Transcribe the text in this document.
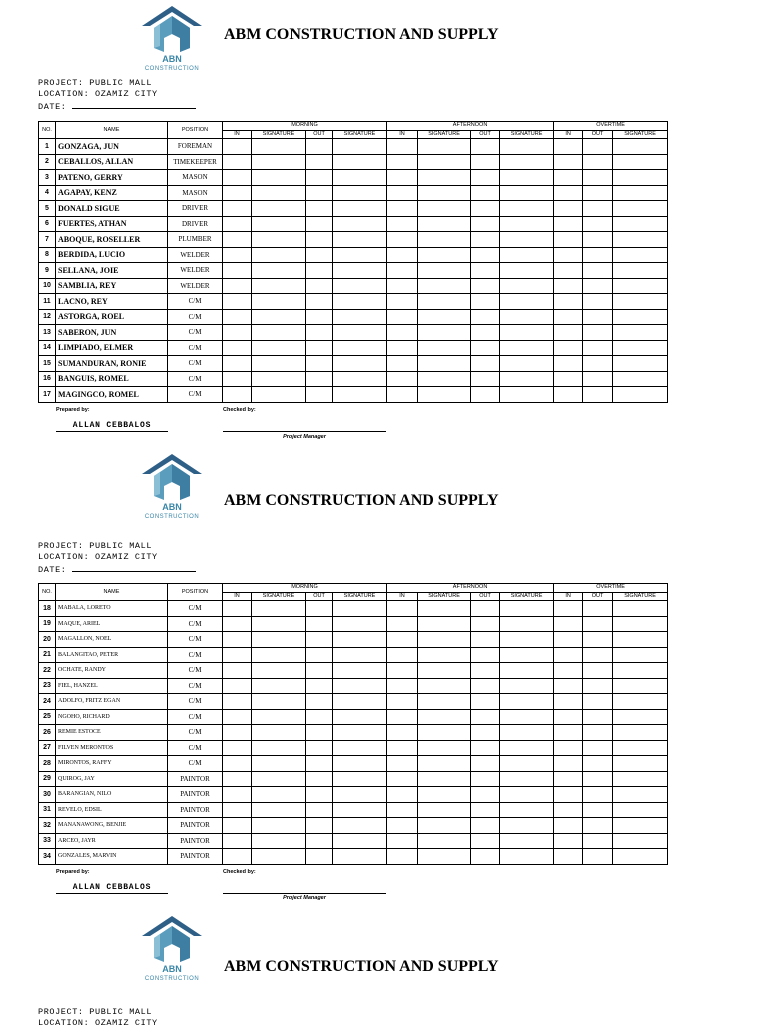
ABN
CONSTRUCTION
ABM CONSTRUCTION AND SUPPLY
PROJECT: PUBLIC MALL
LOCATION: OZAMIZ CITY
DATE:
NO.	NAME	POSITION	MORNING				AFTERNOON				OVERTIME		
			IN	SIGNATURE	OUT	SIGNATURE	IN	SIGNATURE	OUT	SIGNATURE	IN	OUT	SIGNATURE
1	GONZAGA, JUN	FOREMAN											
2	CEBALLOS, ALLAN	TIMEKEEPER											
3	PATENO, GERRY	MASON											
4	AGAPAY, KENZ	MASON											
5	DONALD SIGUE	DRIVER											
6	FUERTES, ATHAN	DRIVER											
7	ABOQUE, ROSELLER	PLUMBER											
8	BERDIDA, LUCIO	WELDER											
9	SELLANA, JOIE	WELDER											
10	SAMBLIA, REY	WELDER											
11	LACNO, REY	C/M											
12	ASTORGA, ROEL	C/M											
13	SABERON, JUN	C/M											
14	LIMPIADO, ELMER	C/M											
15	SUMANDURAN, RONIE	C/M											
16	BANGUIS, ROMEL	C/M											
17	MAGINGCO, ROMEL	C/M											
Prepared by:	Checked by:
ALLAN CEBBALOS
Project Manager
ABN
CONSTRUCTION
ABM CONSTRUCTION AND SUPPLY
PROJECT: PUBLIC MALL
LOCATION: OZAMIZ CITY
DATE:
NO.	NAME	POSITION	MORNING				AFTERNOON				OVERTIME		
			IN	SIGNATURE	OUT	SIGNATURE	IN	SIGNATURE	OUT	SIGNATURE	IN	OUT	SIGNATURE
18	MABALA, LORETO	C/M											
19	MAQUE, ARIEL	C/M											
20	MAGALLON, NOEL	C/M											
21	BALANGITAO, PETER	C/M											
22	OCHATE, RANDY	C/M											
23	FIEL, HANZEL	C/M											
24	ADOLFO, FRITZ EGAN	C/M											
25	NGOHO, RICHARD	C/M											
26	REMIE ESTOCE	C/M											
27	FILVEN MERONTOS	C/M											
28	MIRONTOS, RAFFY	C/M											
29	QUIROG, JAY	PAINTOR											
30	BARANGIAN, NILO	PAINTOR											
31	REVELO, EDSIL	PAINTOR											
32	MANANAWONG, BENJIE	PAINTOR											
33	ARCEO, JAYR	PAINTOR											
34	GONZALES, MARVIN	PAINTOR											
Prepared by:	Checked by:
ALLAN CEBBALOS
Project Manager
ABN
CONSTRUCTION
ABM CONSTRUCTION AND SUPPLY
PROJECT: PUBLIC MALL
LOCATION: OZAMIZ CITY
